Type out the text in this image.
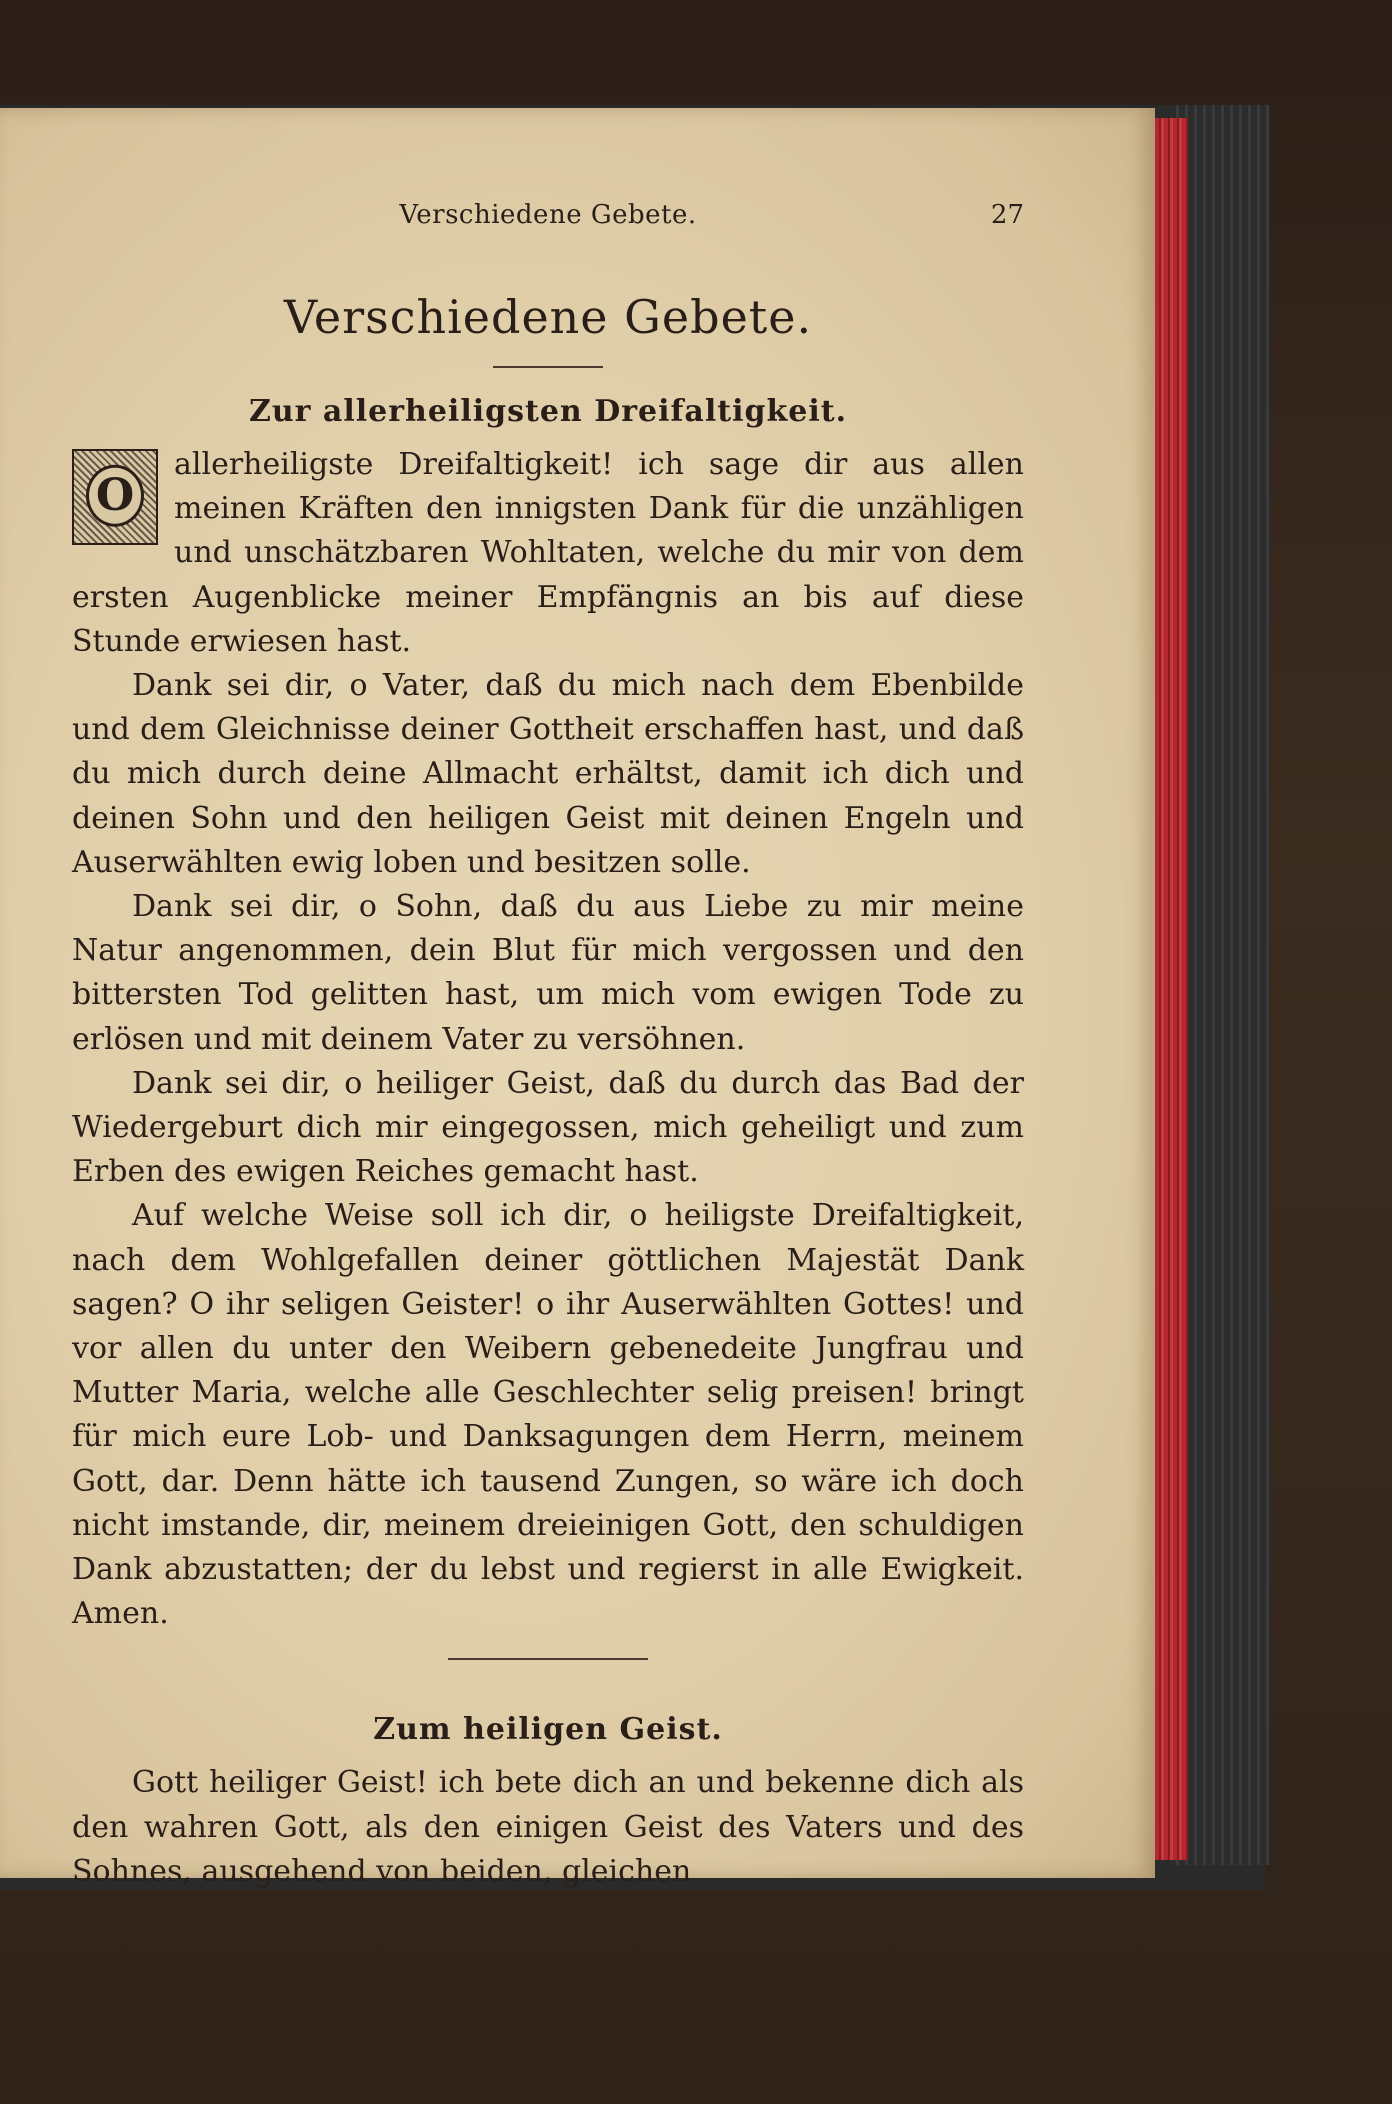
Verschiedene Gebete.	27
Verschiedene Gebete.
Zur allerheiligsten Dreifaltigkeit.
O

allerheiligste Dreifaltigkeit! ich sage dir aus allen meinen Kräften den innigsten Dank für die unzähligen und unschätzbaren Wohltaten, welche du mir von dem ersten Augenblicke meiner Empfängnis an bis auf diese Stunde erwiesen hast.

Dank sei dir, o Vater, daß du mich nach dem Ebenbilde und dem Gleichnisse deiner Gottheit erschaffen hast, und daß du mich durch deine Allmacht erhältst, damit ich dich und deinen Sohn und den heiligen Geist mit deinen Engeln und Auserwählten ewig loben und besitzen solle.

Dank sei dir, o Sohn, daß du aus Liebe zu mir meine Natur angenommen, dein Blut für mich vergossen und den bittersten Tod gelitten hast, um mich vom ewigen Tode zu erlösen und mit deinem Vater zu versöhnen.

Dank sei dir, o heiliger Geist, daß du durch das Bad der Wiedergeburt dich mir eingegossen, mich geheiligt und zum Erben des ewigen Reiches gemacht hast.

Auf welche Weise soll ich dir, o heiligste Dreifaltigkeit, nach dem Wohlgefallen deiner göttlichen Majestät Dank sagen? O ihr seligen Geister! o ihr Auserwählten Gottes! und vor allen du unter den Weibern gebenedeite Jungfrau und Mutter Maria, welche alle Geschlechter selig preisen! bringt für mich eure Lob- und Danksagungen dem Herrn, meinem Gott, dar. Denn hätte ich tausend Zungen, so wäre ich doch nicht imstande, dir, meinem dreieinigen Gott, den schuldigen Dank abzustatten; der du lebst und regierst in alle Ewigkeit. Amen.

Zum heiligen Geist.

Gott heiliger Geist! ich bete dich an und bekenne dich als den wahren Gott, als den einigen Geist des Vaters und des Sohnes, ausgehend von beiden, gleichen
